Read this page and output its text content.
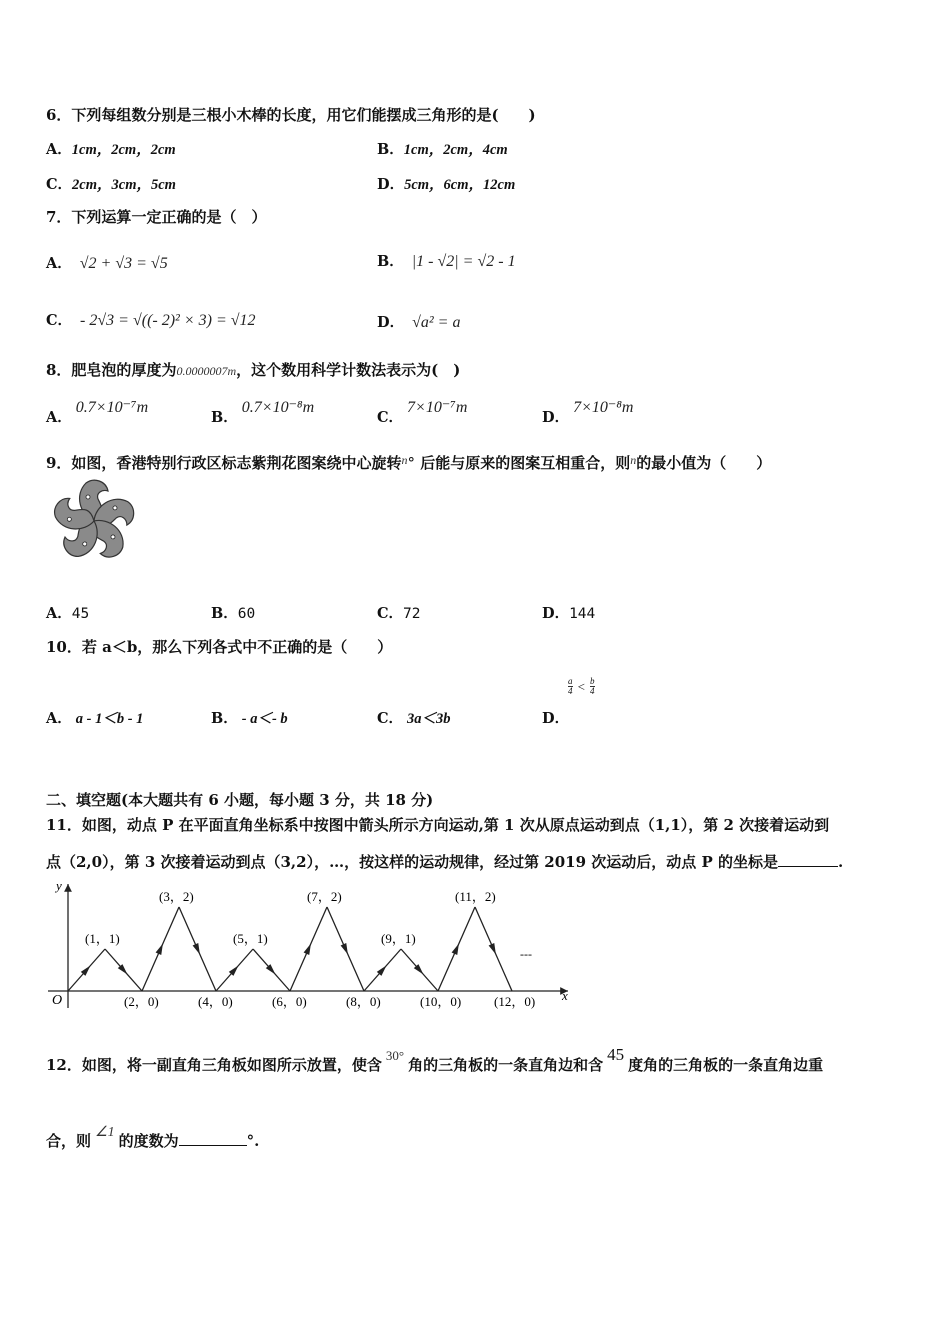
6．下列每组数分别是三根小木棒的长度，用它们能摆成三角形的是(　　)
A．1cm，2cm，2cm	B．1cm，2cm，4cm
C．2cm，3cm，5cm	D．5cm，6cm，12cm
7．下列运算一定正确的是（　）
A． √2 + √3 = √5	B． |1 - √2| = √2 - 1
C． - 2√3 = √((- 2)² × 3) = √12	D． √a² = a
8．肥皂泡的厚度为0.0000007m，这个数用科学计数法表示为(　)
A．0.7×10⁻⁷m
B．0.7×10⁻⁸m
C．7×10⁻⁷m
D．7×10⁻⁸m
9．如图，香港特别行政区标志紫荆花图案绕中心旋转$^n$° 后能与原来的图案互相重合，则$^n$的最小值为（　　）
A．45	B．60	C．72	D．144
10．若 a＜b，那么下列各式中不正确的是（　　）
A． a - 1＜b - 1	B． - a＜- b	C． 3a＜3b	D．
$\frac{a}{4} < \frac{b}{4}$
二、填空题(本大题共有 6 小题，每小题 3 分，共 18 分)
11．如图，动点 P 在平面直角坐标系中按图中箭头所示方向运动,第 1 次从原点运动到点（1,1），第 2 次接着运动到
点（2,0），第 3 次接着运动到点（3,2），…，按这样的运动规律，经过第 2019 次运动后，动点 P 的坐标是	.
x
y
O
---
(1，1)
(2，0)
(3，2)
(4，0)
(5，1)
(6，0)
(7，2)
(8，0)
(9，1)
(10，0)
(11，2)
(12，0)
12．如图，将一副直角三角板如图所示放置，使含30°角的三角板的一条直角边和含45度角的三角板的一条直角边重
合，则 ∠1 的度数为	°.
